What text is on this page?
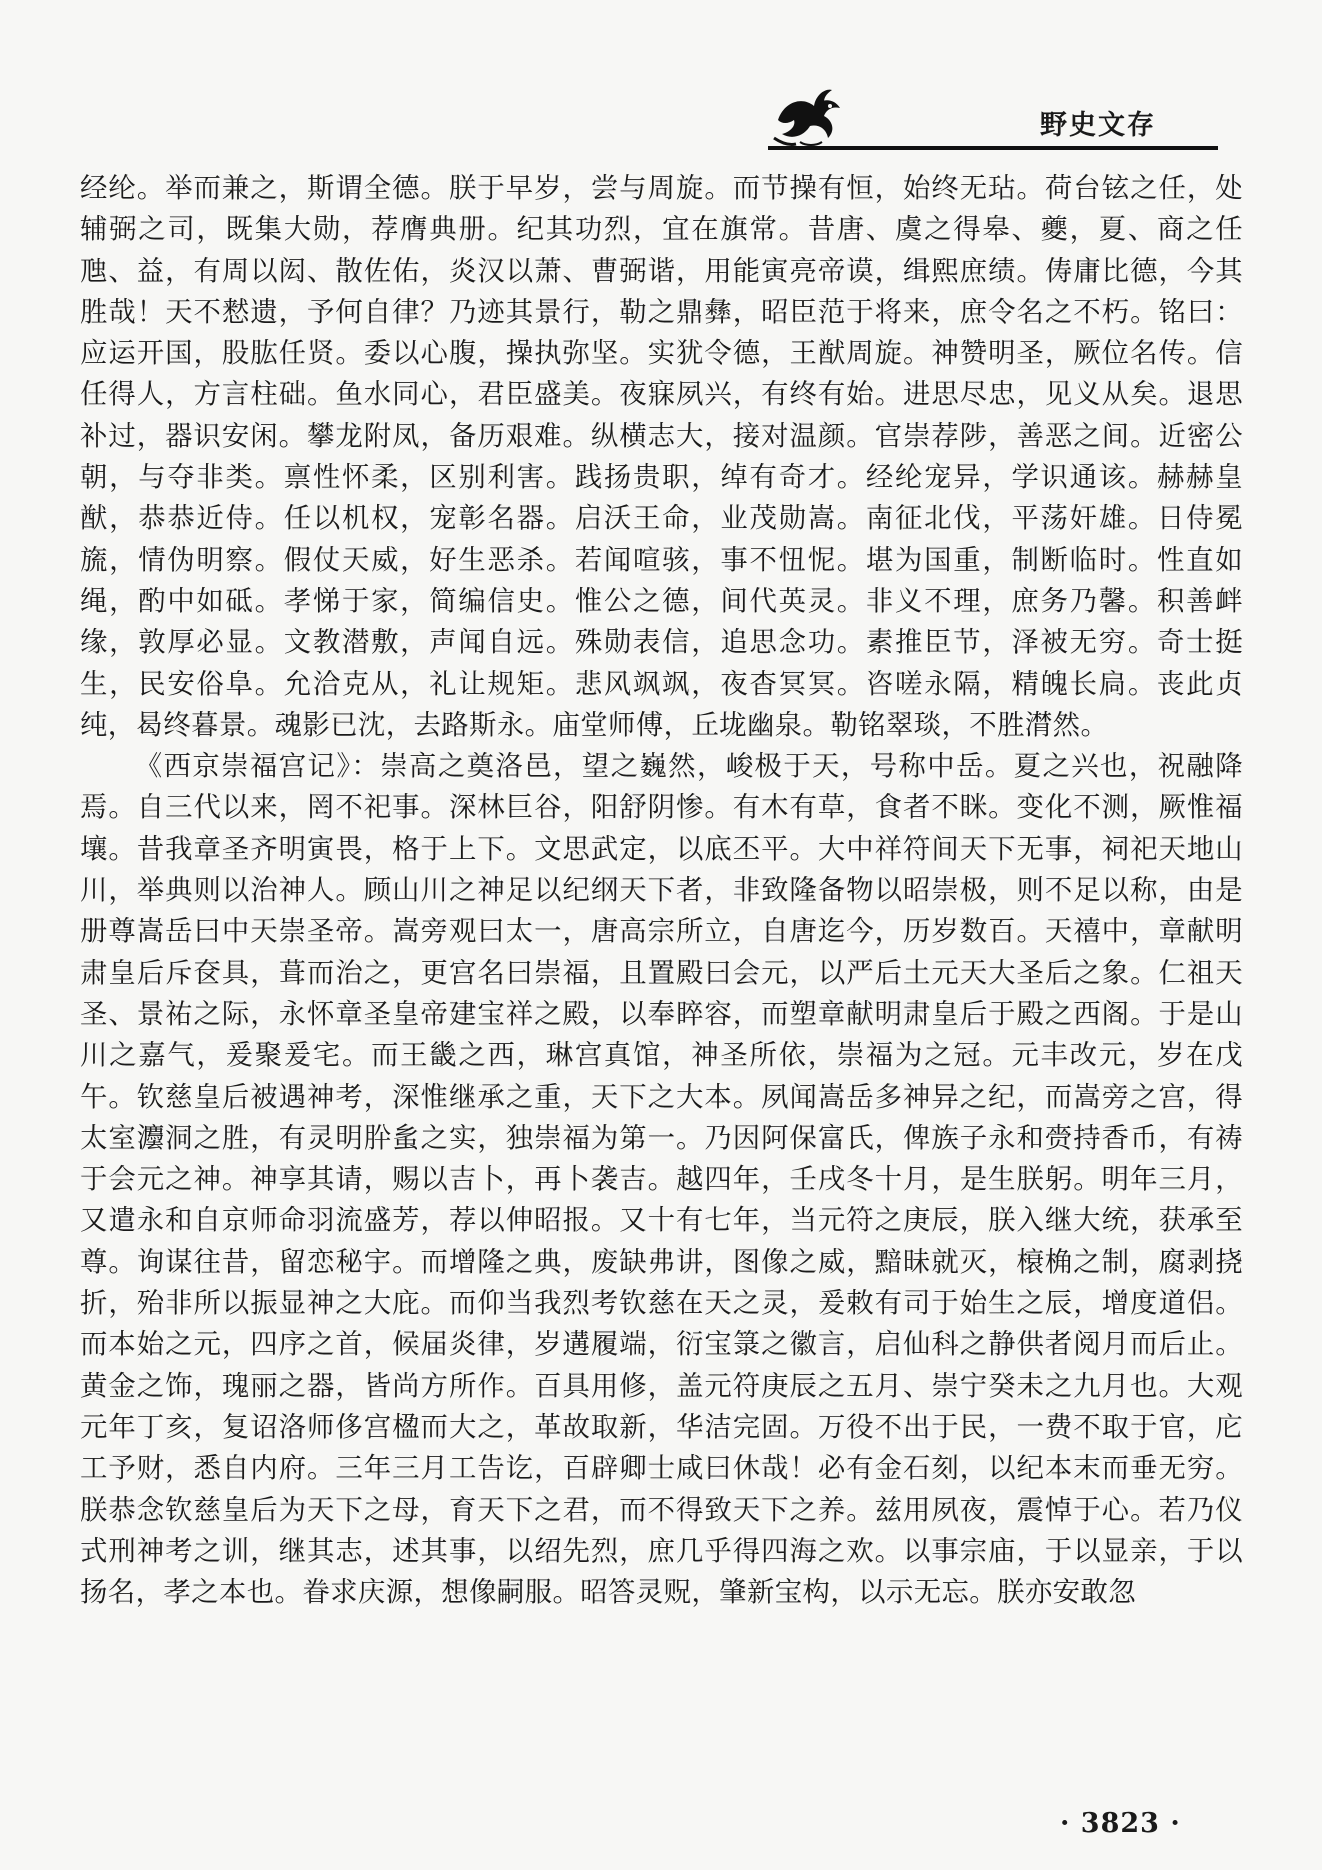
野史文存

经纶。举而兼之，斯谓全德。朕于早岁，尝与周旋。而节操有恒，始终无玷。荷台铉之任，处辅弼之司，既集大勋，荐膺典册。纪其功烈，宜在旗常。昔唐、虞之得皋、夔，夏、商之任虺、益，有周以闳、散佐佑，炎汉以萧、曹弼谐，用能寅亮帝谟，缉熙庶绩。俦庸比德，今其胜哉！天不慭遗，予何自律？乃迹其景行，勒之鼎彝，昭臣范于将来，庶令名之不朽。铭曰：应运开国，股肱任贤。委以心腹，操执弥坚。实犹令德，王猷周旋。神赞明圣，厥位名传。信任得人，方言柱础。鱼水同心，君臣盛美。夜寐夙兴，有终有始。进思尽忠，见义从矣。退思补过，器识安闲。攀龙附凤，备历艰难。纵横志大，接对温颜。官崇荐陟，善恶之间。近密公朝，与夺非类。禀性怀柔，区别利害。践扬贵职，绰有奇才。经纶宠异，学识通该。赫赫皇猷，恭恭近侍。任以机权，宠彰名器。启沃王命，业茂勋嵩。南征北伐，平荡奸雄。日侍冕旒，情伪明察。假仗天威，好生恶杀。若闻喧骇，事不忸怩。堪为国重，制断临时。性直如绳，酌中如砥。孝悌于家，简编信史。惟公之德，间代英灵。非义不理，庶务乃馨。积善衅缘，敦厚必显。文教潜敷，声闻自远。殊勋表信，追思念功。素推臣节，泽被无穷。奇士挺生，民安俗阜。允洽克从，礼让规矩。悲风飒飒，夜杳冥冥。咨嗟永隔，精魄长扃。丧此贞纯，曷终暮景。魂影已沈，去路斯永。庙堂师傅，丘垅幽泉。勒铭翠琰，不胜潸然。

《西京崇福宫记》：崇高之奠洛邑，望之巍然，峻极于天，号称中岳。夏之兴也，祝融降焉。自三代以来，罔不祀事。深林巨谷，阳舒阴惨。有木有草，食者不眯。变化不测，厥惟福壤。昔我章圣齐明寅畏，格于上下。文思武定，以底丕平。大中祥符间天下无事，祠祀天地山川，举典则以治神人。顾山川之神足以纪纲天下者，非致隆备物以昭崇极，则不足以称，由是册尊嵩岳曰中天崇圣帝。嵩旁观曰太一，唐高宗所立，自唐迄今，历岁数百。天禧中，章献明肃皇后斥奁具，葺而治之，更宫名曰崇福，且置殿曰会元，以严后土元天大圣后之象。仁祖天圣、景祐之际，永怀章圣皇帝建宝祥之殿，以奉睟容，而塑章献明肃皇后于殿之西阁。于是山川之嘉气，爰聚爰宅。而王畿之西，琳宫真馆，神圣所依，崇福为之冠。元丰改元，岁在戊午。钦慈皇后被遇神考，深惟继承之重，天下之大本。夙闻嵩岳多神异之纪，而嵩旁之宫，得太室灋洞之胜，有灵明肸蚃之实，独崇福为第一。乃因阿保富氏，俾族子永和赍持香币，有祷于会元之神。神享其请，赐以吉卜，再卜袭吉。越四年，壬戌冬十月，是生朕躬。明年三月，又遣永和自京师命羽流盛芳，荐以伸昭报。又十有七年，当元符之庚辰，朕入继大统，获承至尊。询谋往昔，留恋秘宇。而增隆之典，废缺弗讲，图像之威，黯昧就灭，榱桷之制，腐剥挠折，殆非所以振显神之大庇。而仰当我烈考钦慈在天之灵，爰敕有司于始生之辰，增度道侣。而本始之元，四序之首，候届炎律，岁遘履端，衍宝箓之徽言，启仙科之静供者阅月而后止。黄金之饰，瑰丽之器，皆尚方所作。百具用修，盖元符庚辰之五月、崇宁癸未之九月也。大观元年丁亥，复诏洛师侈宫楹而大之，革故取新，华洁完固。万役不出于民，一费不取于官，庀工予财，悉自内府。三年三月工告讫，百辟卿士咸曰休哉！必有金石刻，以纪本末而垂无穷。朕恭念钦慈皇后为天下之母，育天下之君，而不得致天下之养。兹用夙夜，震悼于心。若乃仪式刑神考之训，继其志，述其事，以绍先烈，庶几乎得四海之欢。以事宗庙，于以显亲，于以扬名，孝之本也。眷求庆源，想像嗣服。昭答灵贶，肇新宝构，以示无忘。朕亦安敢忽

· 3823 ·
